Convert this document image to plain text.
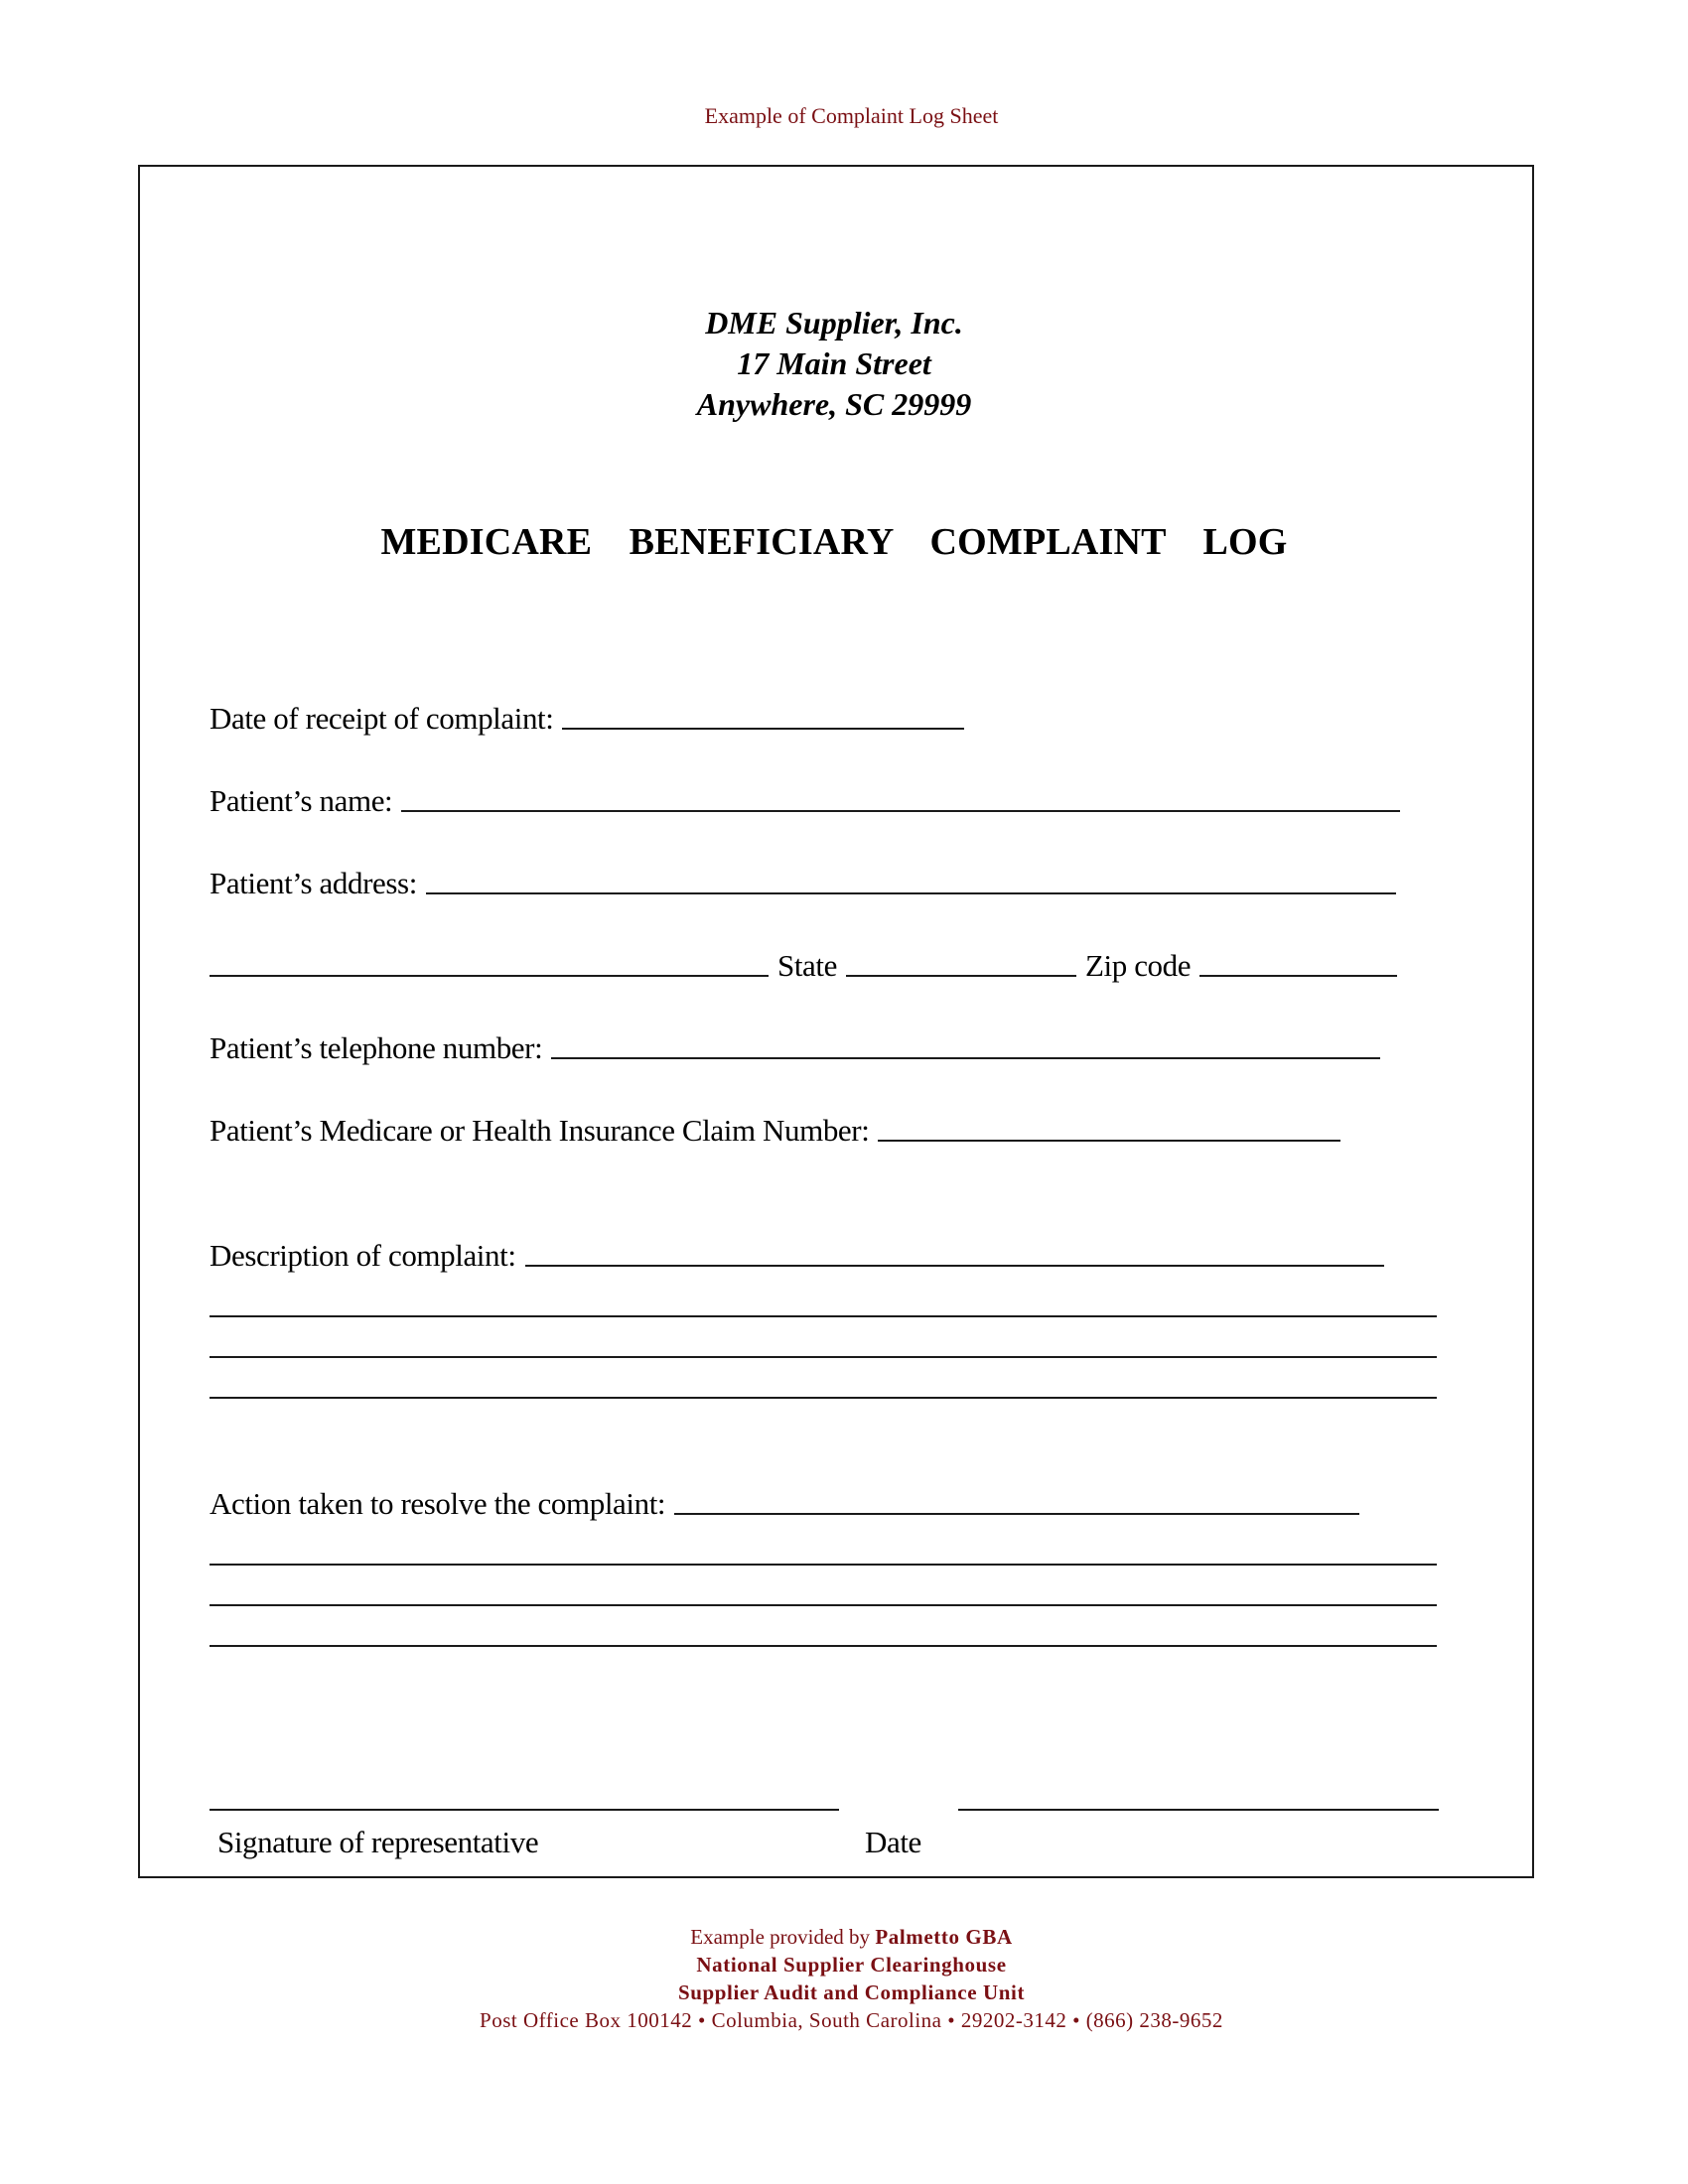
Example of Complaint Log Sheet
DME Supplier, Inc.
17 Main Street
Anywhere, SC 29999
MEDICARE  BENEFICIARY  COMPLAINT  LOG
Date of receipt of complaint:
Patient’s name:
Patient’s address:
State	Zip code
Patient’s telephone number:
Patient’s Medicare or Health Insurance Claim Number:
Description of complaint:
Action taken to resolve the complaint:
Signature of representative	Date
Example provided by Palmetto GBA
National Supplier Clearinghouse
Supplier Audit and Compliance Unit
Post Office Box 100142 • Columbia, South Carolina • 29202-3142 • (866) 238-9652
